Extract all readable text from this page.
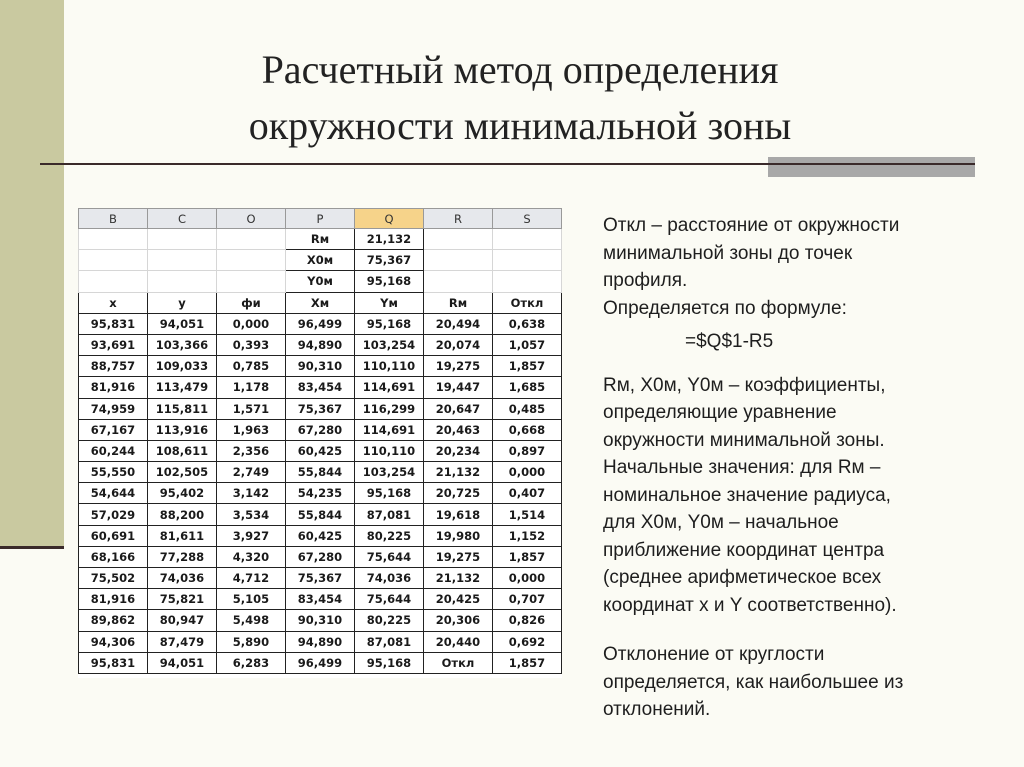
Расчетный метод определения
окружности минимальной зоны
B	C	O	P	Q	R	S
			Rм	21,132		
			X0м	75,367		
			Y0м	95,168		
x	y	фи	Xм	Yм	Rм	Откл
95,831	94,051	0,000	96,499	95,168	20,494	0,638
93,691	103,366	0,393	94,890	103,254	20,074	1,057
88,757	109,033	0,785	90,310	110,110	19,275	1,857
81,916	113,479	1,178	83,454	114,691	19,447	1,685
74,959	115,811	1,571	75,367	116,299	20,647	0,485
67,167	113,916	1,963	67,280	114,691	20,463	0,668
60,244	108,611	2,356	60,425	110,110	20,234	0,897
55,550	102,505	2,749	55,844	103,254	21,132	0,000
54,644	95,402	3,142	54,235	95,168	20,725	0,407
57,029	88,200	3,534	55,844	87,081	19,618	1,514
60,691	81,611	3,927	60,425	80,225	19,980	1,152
68,166	77,288	4,320	67,280	75,644	19,275	1,857
75,502	74,036	4,712	75,367	74,036	21,132	0,000
81,916	75,821	5,105	83,454	75,644	20,425	0,707
89,862	80,947	5,498	90,310	80,225	20,306	0,826
94,306	87,479	5,890	94,890	87,081	20,440	0,692
95,831	94,051	6,283	96,499	95,168	Откл	1,857

Откл – расстояние от окружности

минимальной зоны до точек

профиля.

Определяется по формуле:

=$Q$1-R5

Rм, X0м, Y0м – коэффициенты,

определяющие уравнение

окружности минимальной зоны.

Начальные значения: для Rм –

номинальное значение радиуса,

для X0м, Y0м – начальное

приближение координат центра

(среднее арифметическое всех

координат x и Y соответственно).

Отклонение от круглости

определяется, как наибольшее из

отклонений.
